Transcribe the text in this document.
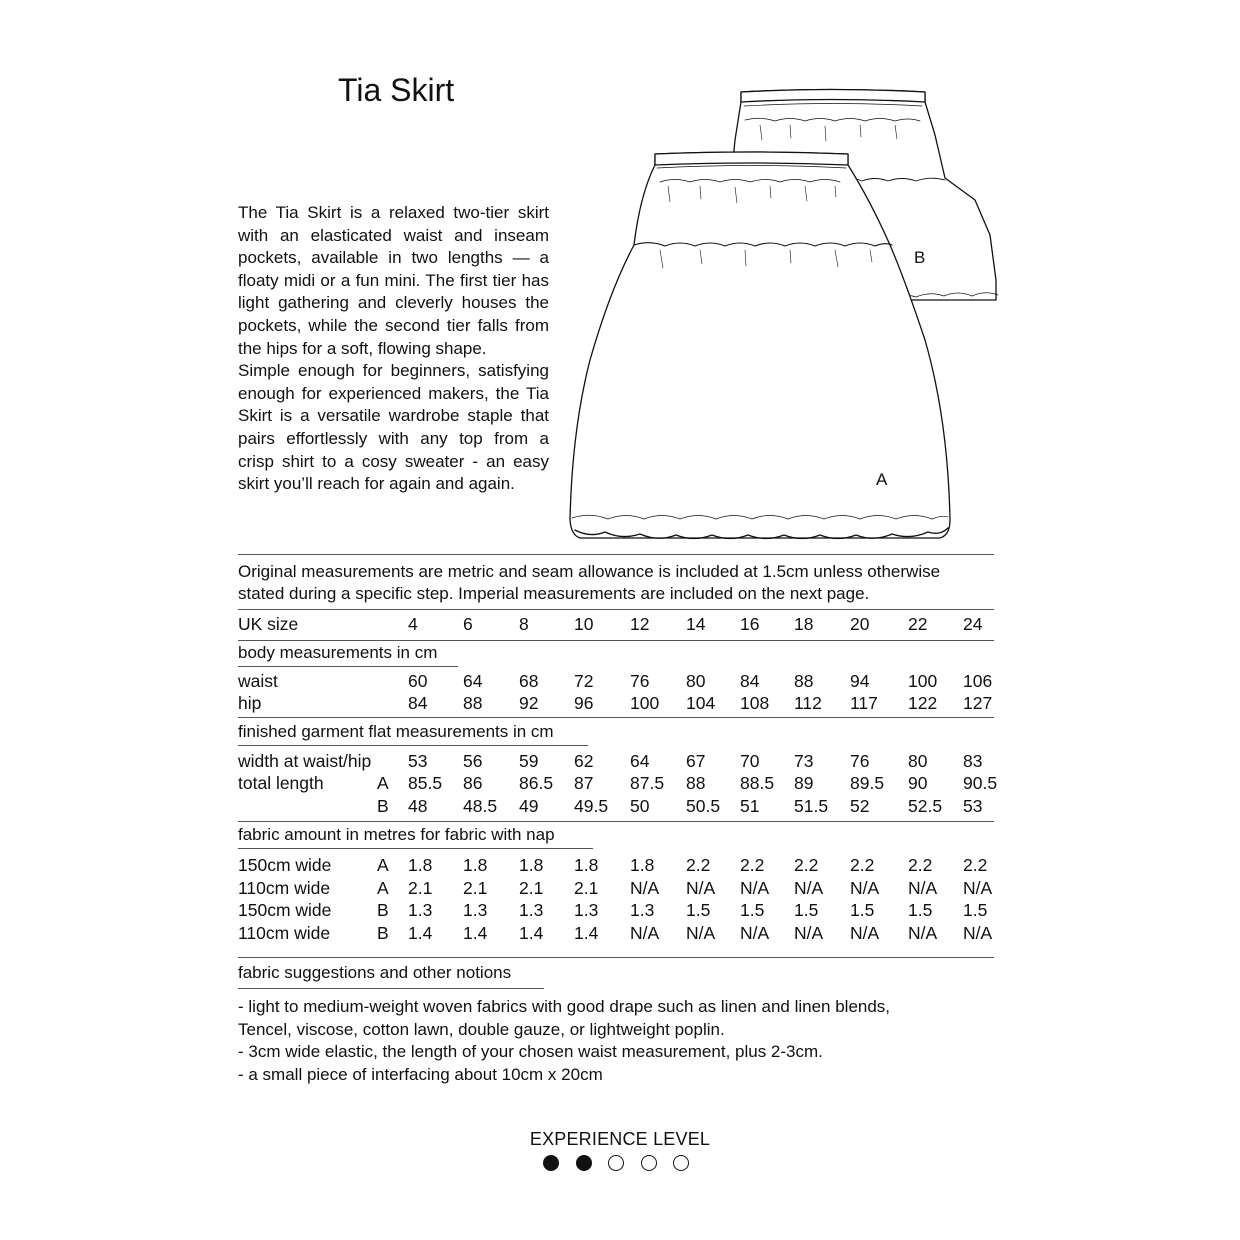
Tia Skirt

The Tia Skirt is a relaxed two-tier skirt with an elasticated waist and inseam pockets, available in two lengths — a floaty midi or a fun mini. The first tier has light gathering and cleverly houses the pockets, while the second tier falls from the hips for a soft, flowing shape.

Simple enough for beginners, satisfying enough for experienced makers, the Tia Skirt is a versatile wardrobe staple that pairs effortlessly with any top from a crisp shirt to a cosy sweater - an easy skirt you’ll reach for again and again.

B
A
Original measurements are metric and seam allowance is included at 1.5cm unless otherwise
stated during a specific step. Imperial measurements are included on the next page.
UK size	4	6	8	10 12 14 16 18 20 22 24
body measurements in cm
waist	60 64 68 72 76 80 84 88 94 100 106
hip	84 88 92 96 100 104 108 112 117 122 127
finished garment flat measurements in cm
width at waist/hip 53 56 59 62 64 67 70 73 76 80 83
total length	A 85.5 86 86.5 87 87.5 88 88.5 89 89.5 90 90.5
B 48 48.5 49 49.5 50 50.5 51 51.5 52 52.5 53
fabric amount in metres for fabric with nap
150cm wide	A 1.8 1.8 1.8 1.8 1.8 2.2 2.2 2.2 2.2 2.2 2.2
110cm wide	A 2.1 2.1 2.1 2.1 N/A N/A N/A N/A N/A N/A N/A
150cm wide	B 1.3 1.3 1.3 1.3 1.3 1.5 1.5 1.5 1.5 1.5 1.5
110cm wide	B 1.4 1.4 1.4 1.4 N/A N/A N/A N/A N/A N/A N/A
fabric suggestions and other notions
- light to medium-weight woven fabrics with good drape such as linen and linen blends,
Tencel, viscose, cotton lawn, double gauze, or lightweight poplin.
- 3cm wide elastic, the length of your chosen waist measurement, plus 2-3cm.
- a small piece of interfacing about 10cm x 20cm
EXPERIENCE LEVEL
